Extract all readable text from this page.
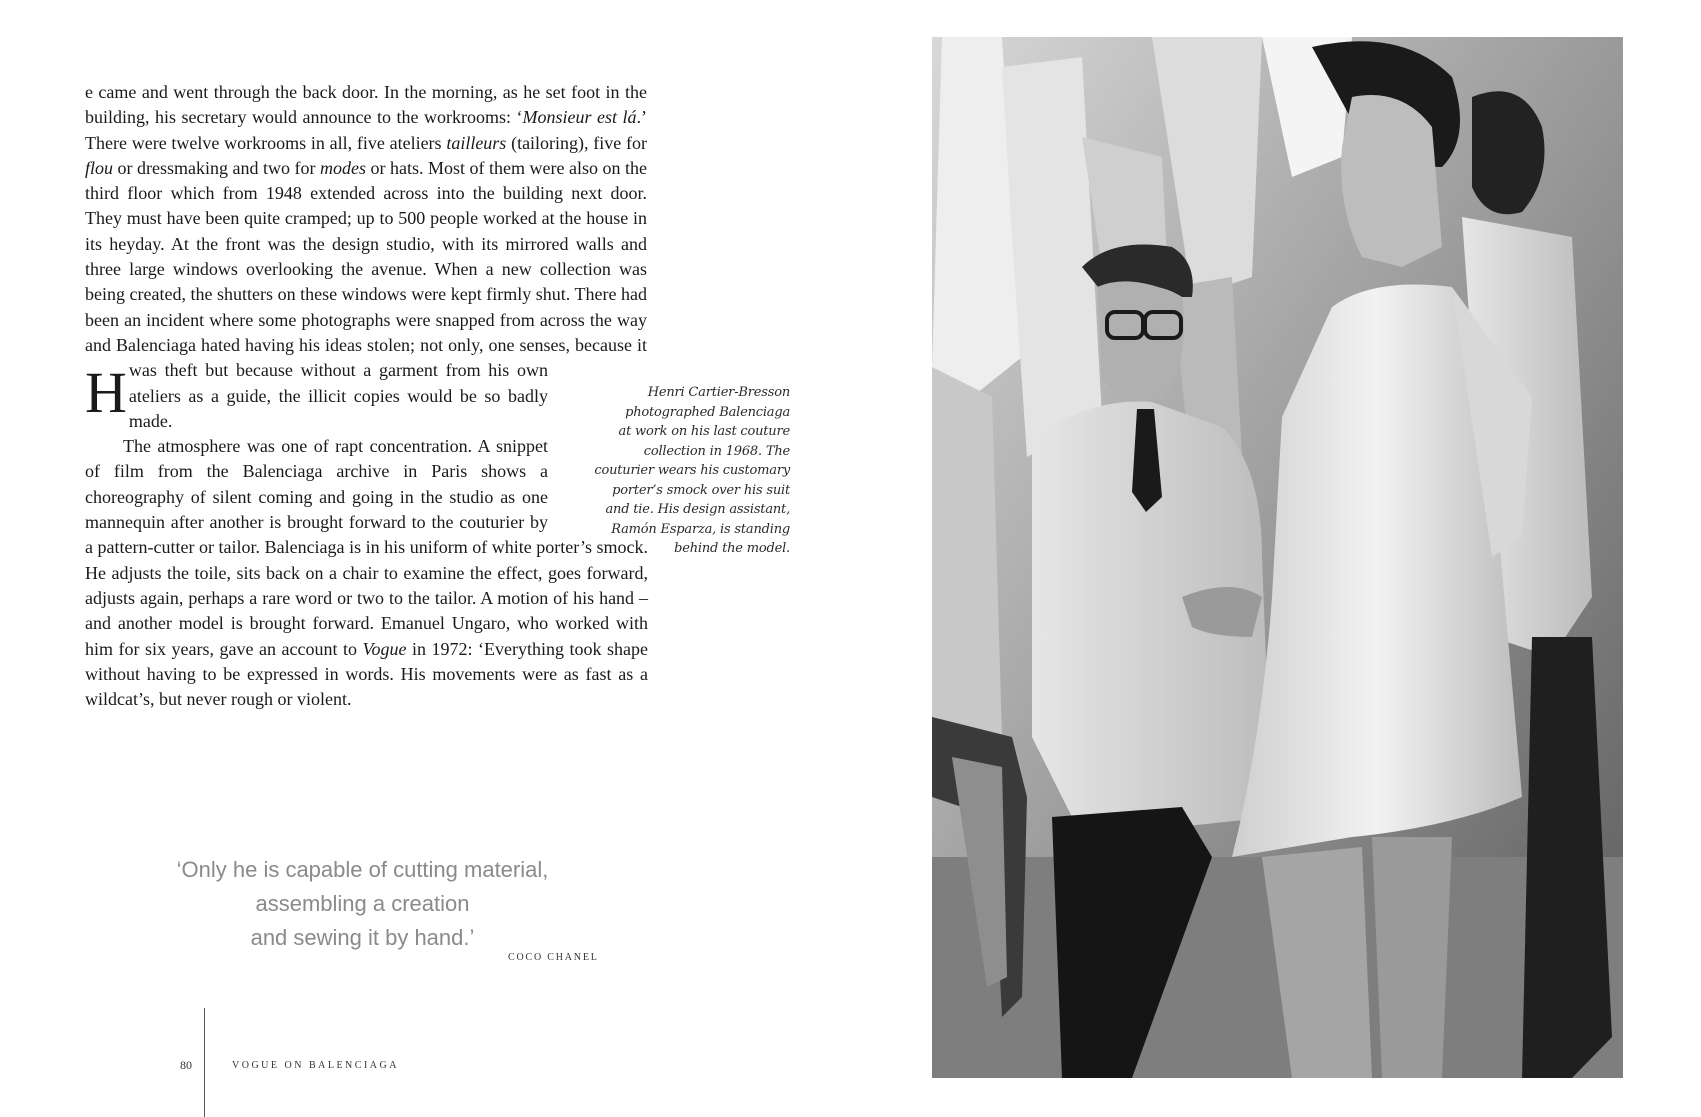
H
e came and went through the back door. In the morning, as he set foot in the building, his secretary would announce to the workrooms: ‘Monsieur est lá.’ There were twelve workrooms in all, five ateliers tailleurs (tailoring), five for flou or dressmaking and two for modes or hats. Most of them were also on the third floor which from 1948 extended across into the building next door. They must have been quite cramped; up to 500 people worked at the house in its heyday. At the front was the design studio, with its mirrored walls and three large windows overlooking the avenue. When a new collection was being created, the shutters on these windows were kept firmly shut. There had been an incident where some photographs were snapped from across the way and Balenciaga hated having his ideas stolen; not only, one senses, because it was theft but because without a garment from his own ateliers as a guide, the illicit copies would be so badly made.

The atmosphere was one of rapt concentration. A snippet of film from the Balenciaga archive in Paris shows a choreography of silent coming and going in the studio as one mannequin after another is brought forward to the couturier by a pattern-cutter or tailor. Balenciaga is in his uniform of white porter’s smock. He adjusts the toile, sits back on a chair to examine the effect, goes forward, adjusts again, perhaps a rare word or two to the tailor. A motion of his hand – and another model is brought forward. Emanuel Ungaro, who worked with him for six years, gave an account to Vogue in 1972: ‘Everything took shape without having to be expressed in words. His movements were as fast as a wildcat’s, but never rough or violent.

Henri Cartier-Bresson
photographed Balenciaga
at work on his last couture
collection in 1968. The
couturier wears his customary
porter’s smock over his suit
and tie. His design assistant,
Ramón Esparza, is standing
behind the model.
‘Only he is capable of cutting material,
assembling a creation
and sewing it by hand.’
COCO CHANEL
80	VOGUE ON BALENCIAGA
